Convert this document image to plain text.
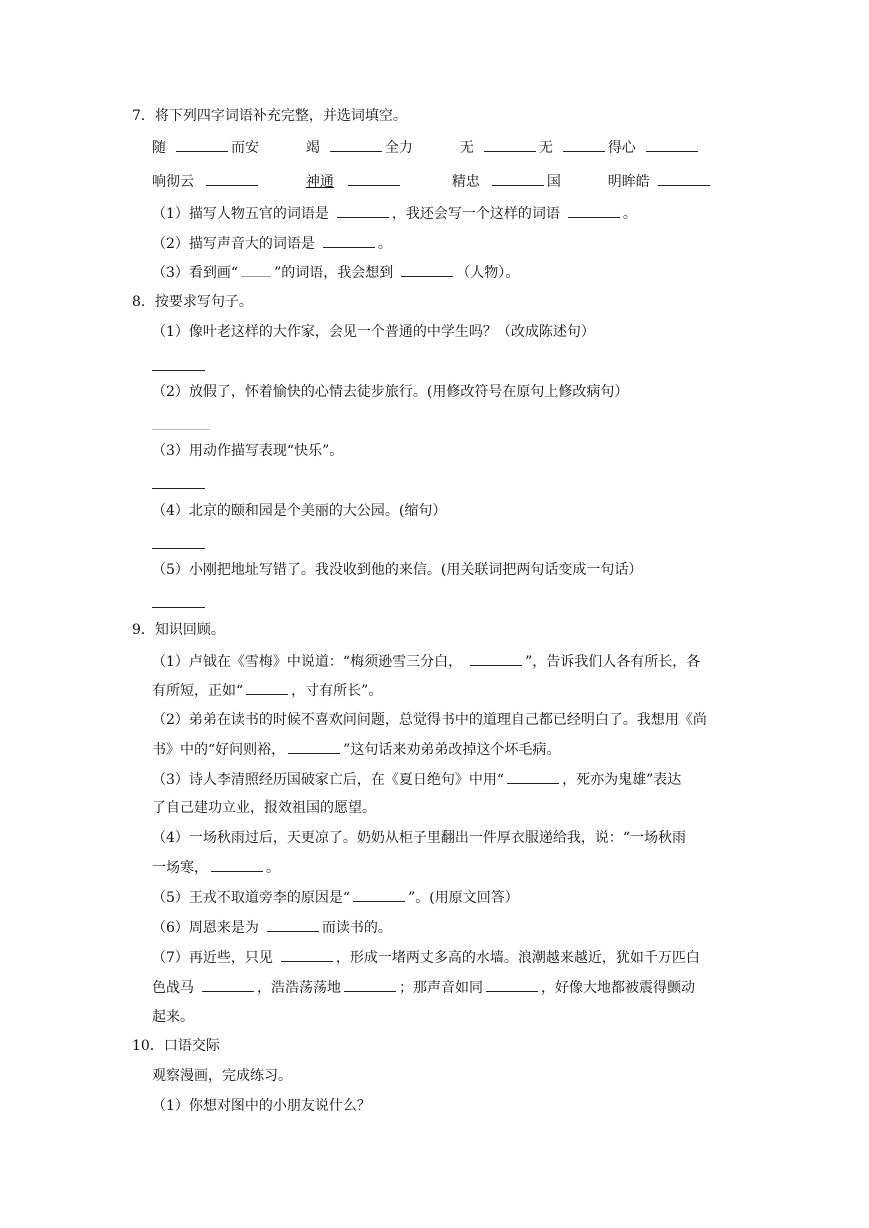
7．将下列四字词语补充完整，并选词填空。
随	而安	竭	全力	无	无	得心
响彻云	神通	精忠	国	明眸皓
（1）描写人物五官的词语是	，我还会写一个这样的词语	。
（2）描写声音大的词语是	。
（3）看到画“	”的词语，我会想到	（人物）。
8．按要求写句子。
（1）像叶老这样的大作家，会见一个普通的中学生吗？（改成陈述句）
（2）放假了，怀着愉快的心情去徒步旅行。(用修改符号在原句上修改病句）
（3）用动作描写表现“快乐”。
（4）北京的颐和园是个美丽的大公园。(缩句）
（5）小刚把地址写错了。我没收到他的来信。(用关联词把两句话变成一句话）
9．知识回顾。
（1）卢钺在《雪梅》中说道：“梅须逊雪三分白，	”，告诉我们人各有所长，各
有所短，正如“	，寸有所长”。
（2）弟弟在读书的时候不喜欢问问题，总觉得书中的道理自己都已经明白了。我想用《尚
书》中的“好问则裕，	”这句话来劝弟弟改掉这个坏毛病。
（3）诗人李清照经历国破家亡后，在《夏日绝句》中用“	，死亦为鬼雄”表达
了自己建功立业，报效祖国的愿望。
（4）一场秋雨过后，天更凉了。奶奶从柜子里翻出一件厚衣服递给我，说：“一场秋雨
一场寒，	。
（5）王戎不取道旁李的原因是“	”。(用原文回答）
（6）周恩来是为	而读书的。
（7）再近些，只见	，形成一堵两丈多高的水墙。浪潮越来越近，犹如千万匹白
色战马	，浩浩荡荡地	；那声音如同	，好像大地都被震得颤动
起来。
10．口语交际
观察漫画，完成练习。
（1）你想对图中的小朋友说什么？
